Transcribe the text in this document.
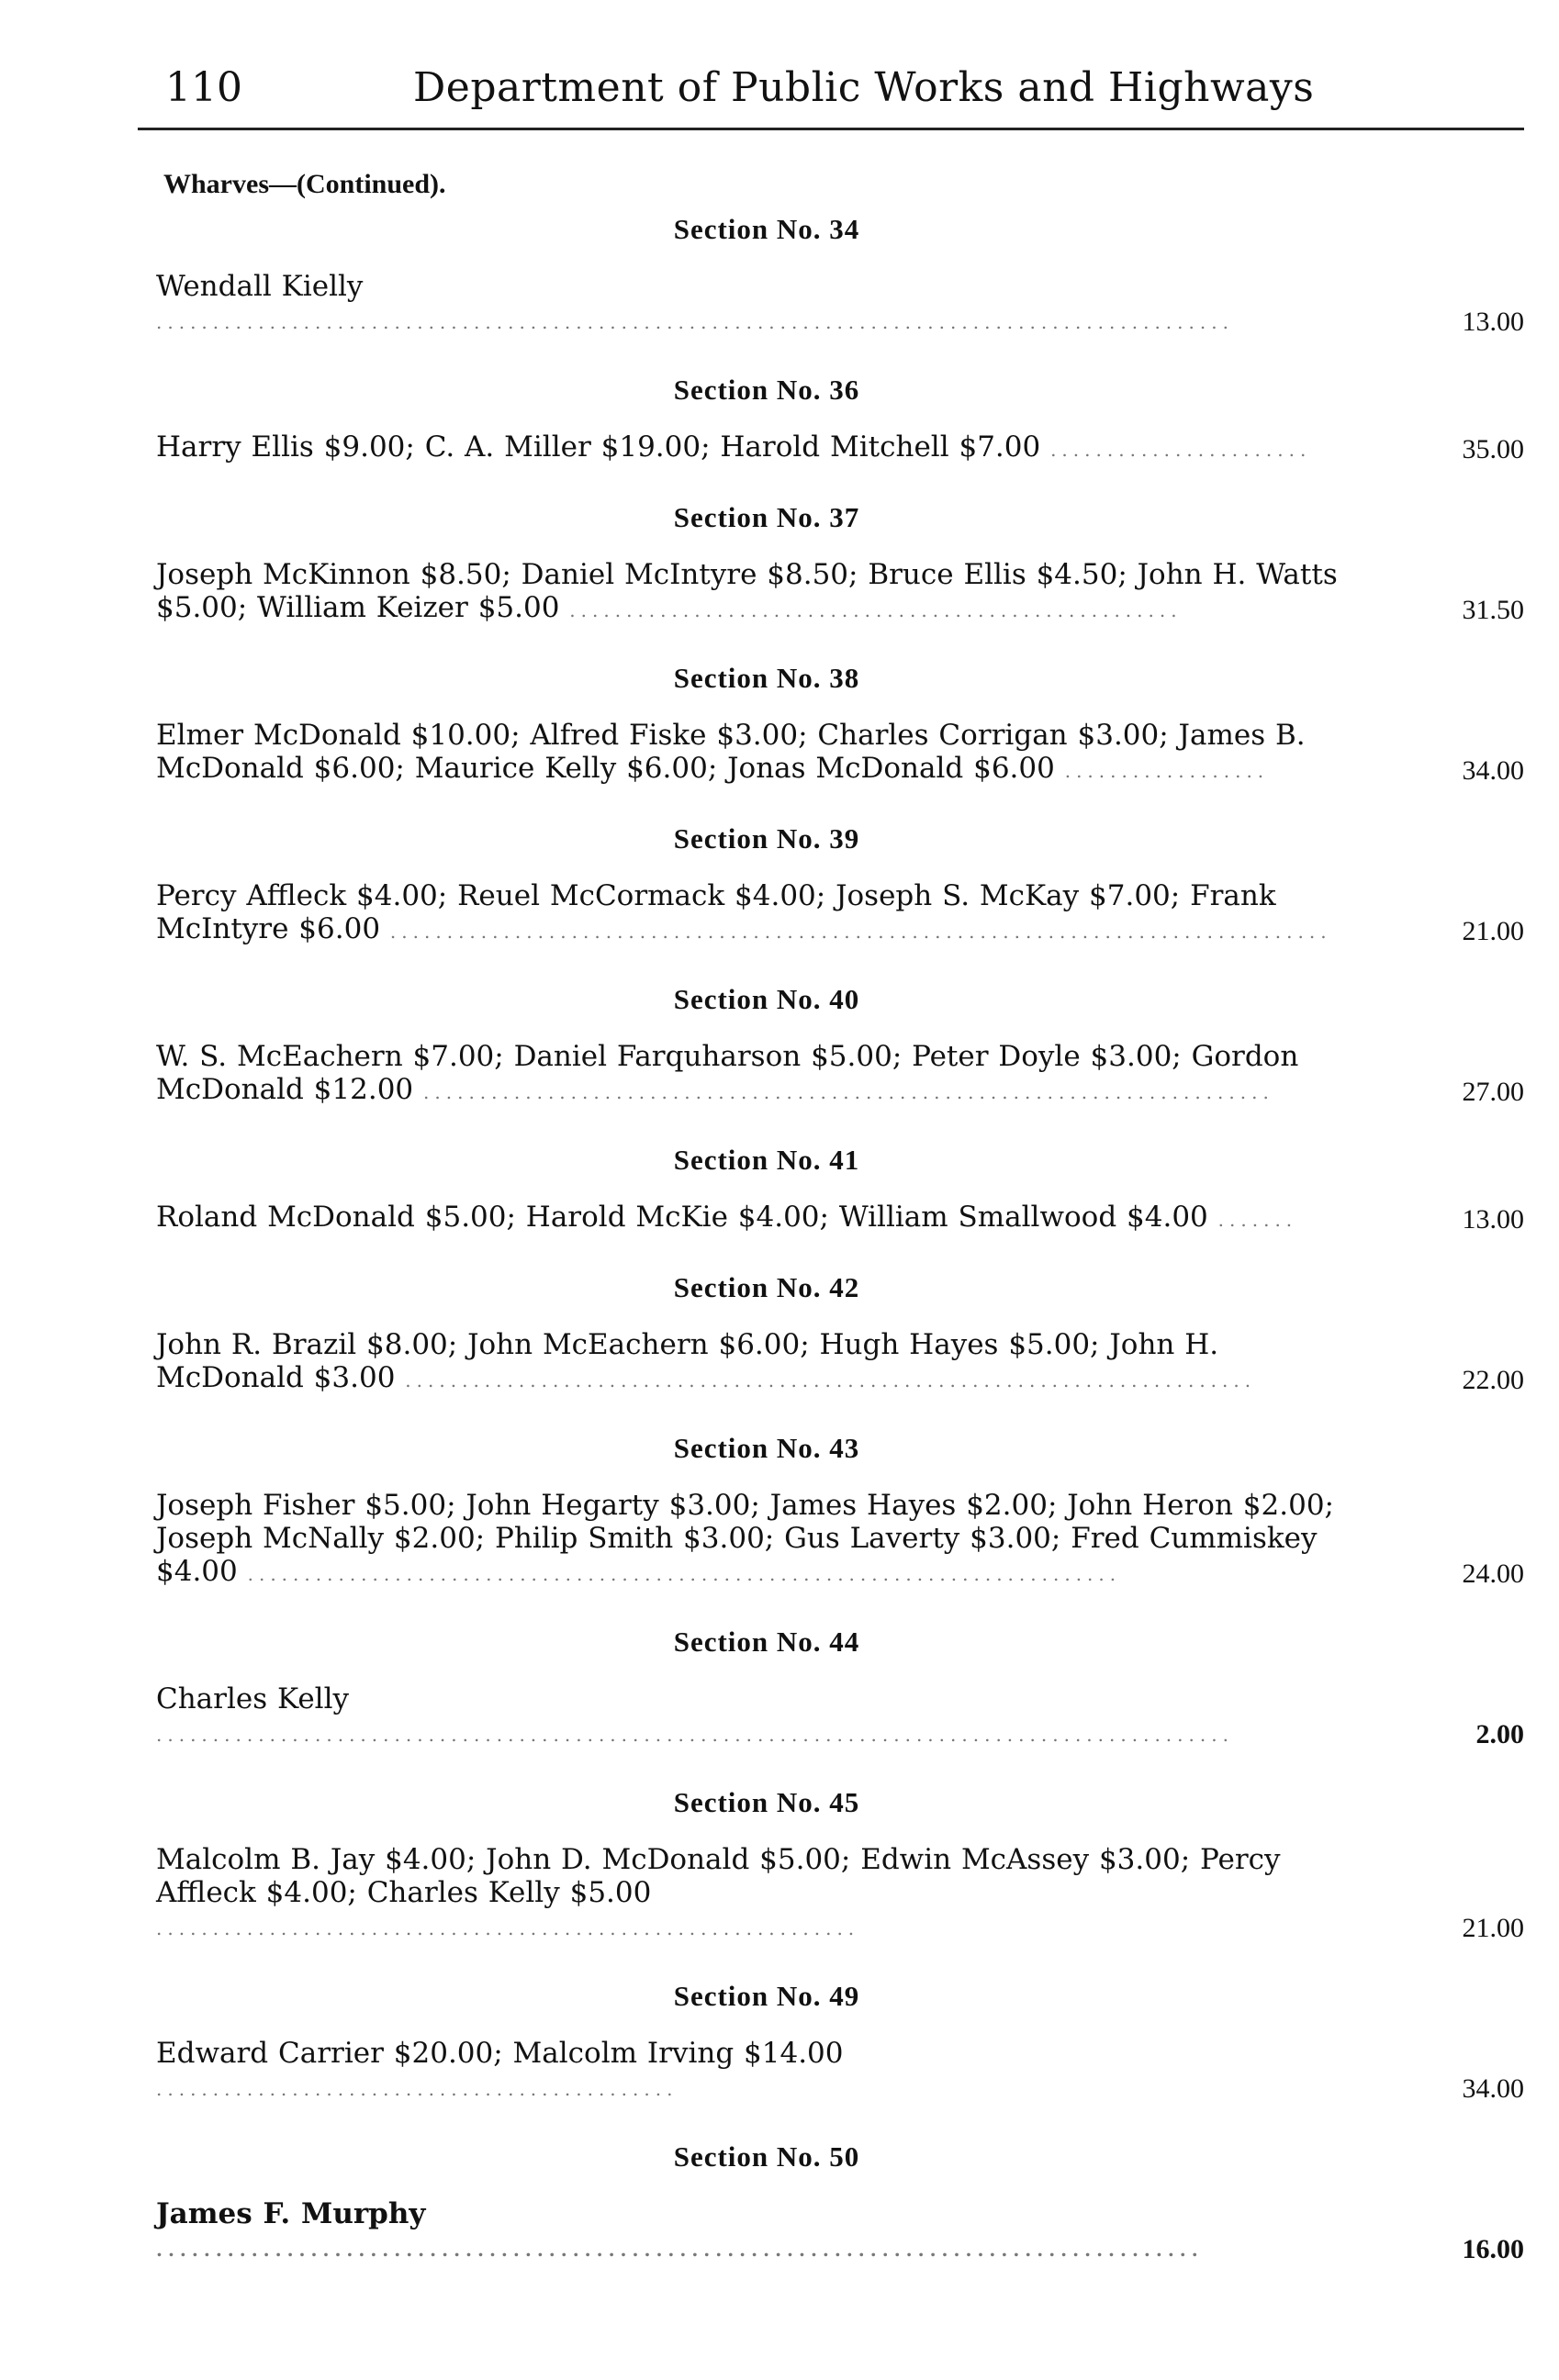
110	Department of Public Works and Highways
Wharves—(Continued).
Section No. 34
Wendall Kielly ...............................................................................................	13.00
Section No. 36
Harry Ellis $9.00; C. A. Miller $19.00; Harold Mitchell $7.00 .......................	35.00
Section No. 37
Joseph McKinnon $8.50; Daniel McIntyre $8.50; Bruce Ellis $4.50; John H. Watts $5.00; William Keizer $5.00 ......................................................	31.50
Section No. 38
Elmer McDonald $10.00; Alfred Fiske $3.00; Charles Corrigan $3.00; James B. McDonald $6.00; Maurice Kelly $6.00; Jonas McDonald $6.00 ..................	34.00
Section No. 39
Percy Affleck $4.00; Reuel McCormack $4.00; Joseph S. McKay $7.00; Frank McIntyre $6.00 ...................................................................................	21.00
Section No. 40
W. S. McEachern $7.00; Daniel Farquharson $5.00; Peter Doyle $3.00; Gordon McDonald $12.00 ...........................................................................	27.00
Section No. 41
Roland McDonald $5.00; Harold McKie $4.00; William Smallwood $4.00 .......	13.00
Section No. 42
John R. Brazil $8.00; John McEachern $6.00; Hugh Hayes $5.00; John H. McDonald $3.00 ...........................................................................	22.00
Section No. 43
Joseph Fisher $5.00; John Hegarty $3.00; James Hayes $2.00; John Heron $2.00; Joseph McNally $2.00; Philip Smith $3.00; Gus Laverty $3.00; Fred Cummiskey $4.00 .............................................................................	24.00
Section No. 44
Charles Kelly ...............................................................................................	2.00
Section No. 45
Malcolm B. Jay $4.00; John D. McDonald $5.00; Edwin McAssey $3.00; Percy Affleck $4.00; Charles Kelly $5.00 ..............................................................	21.00
Section No. 49
Edward Carrier $20.00; Malcolm Irving $14.00 ..............................................	34.00
Section No. 50
James F. Murphy ........................................................................................	16.00
